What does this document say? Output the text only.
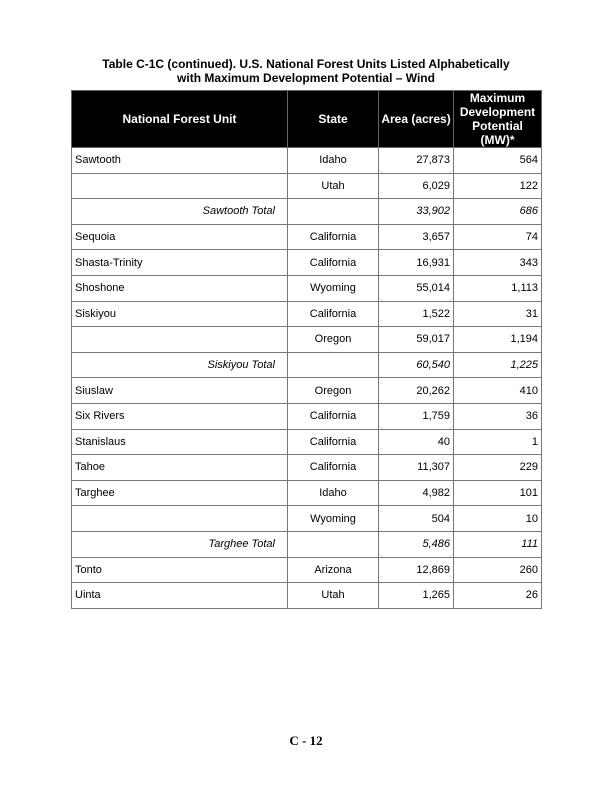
Table C-1C (continued). U.S. National Forest Units Listed Alphabetically
with Maximum Development Potential – Wind
National Forest Unit	State	Area (acres)	Maximum Development Potential (MW)*
Sawtooth	Idaho	27,873	564
	Utah	6,029	122
Sawtooth Total		33,902	686
Sequoia	California	3,657	74
Shasta-Trinity	California	16,931	343
Shoshone	Wyoming	55,014	1,113
Siskiyou	California	1,522	31
	Oregon	59,017	1,194
Siskiyou Total		60,540	1,225
Siuslaw	Oregon	20,262	410
Six Rivers	California	1,759	36
Stanislaus	California	40	1
Tahoe	California	11,307	229
Targhee	Idaho	4,982	101
	Wyoming	504	10
Targhee Total		5,486	111
Tonto	Arizona	12,869	260
Uinta	Utah	1,265	26
C - 12
